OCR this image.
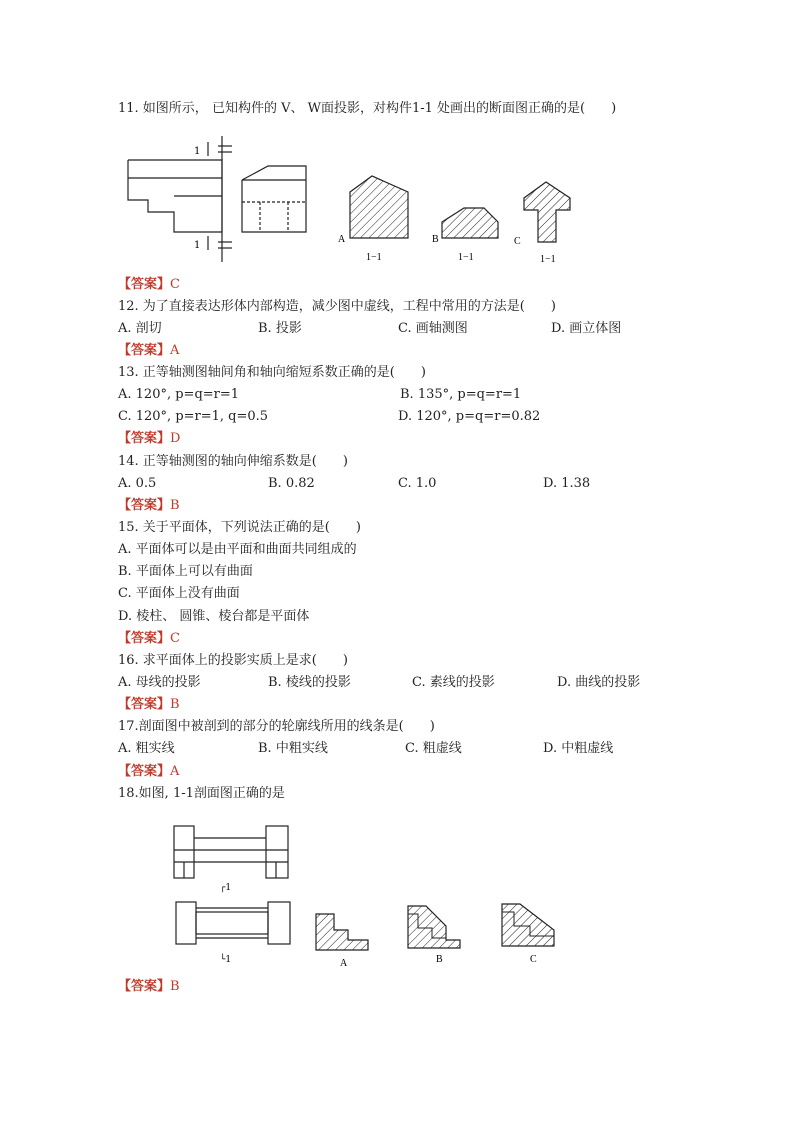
11. 如图所示， 已知构件的 V、 W面投影，对构件1-1 处画出的断面图正确的是(　　)
1
1
A
1−1
B
1−1
C
1−1
【答案】C
12. 为了直接表达形体内部构造，减少图中虚线，工程中常用的方法是(　　)
A. 剖切	B. 投影	C. 画轴测图	D. 画立体图
【答案】A
13. 正等轴测图轴间角和轴向缩短系数正确的是(　　)
A. 120°, p=q=r=1	B. 135°, p=q=r=1
C. 120°, p=r=1, q=0.5	D. 120°, p=q=r=0.82
【答案】D
14. 正等轴测图的轴向伸缩系数是(　　)
A. 0.5	B. 0.82	C. 1.0	D. 1.38
【答案】B
15. 关于平面体，下列说法正确的是(　　)
A. 平面体可以是由平面和曲面共同组成的
B. 平面体上可以有曲面
C. 平面体上没有曲面
D. 棱柱、 圆锥、棱台都是平面体
【答案】C
16. 求平面体上的投影实质上是求(　　)
A. 母线的投影	B. 棱线的投影	C. 素线的投影	D. 曲线的投影
【答案】B
17.剖面图中被剖到的部分的轮廓线所用的线条是(　　)
A. 粗实线	B. 中粗实线	C. 粗虚线	D. 中粗虚线
【答案】A
18.如图, 1-1剖面图正确的是
┌1
└1	A	B	C
【答案】B
